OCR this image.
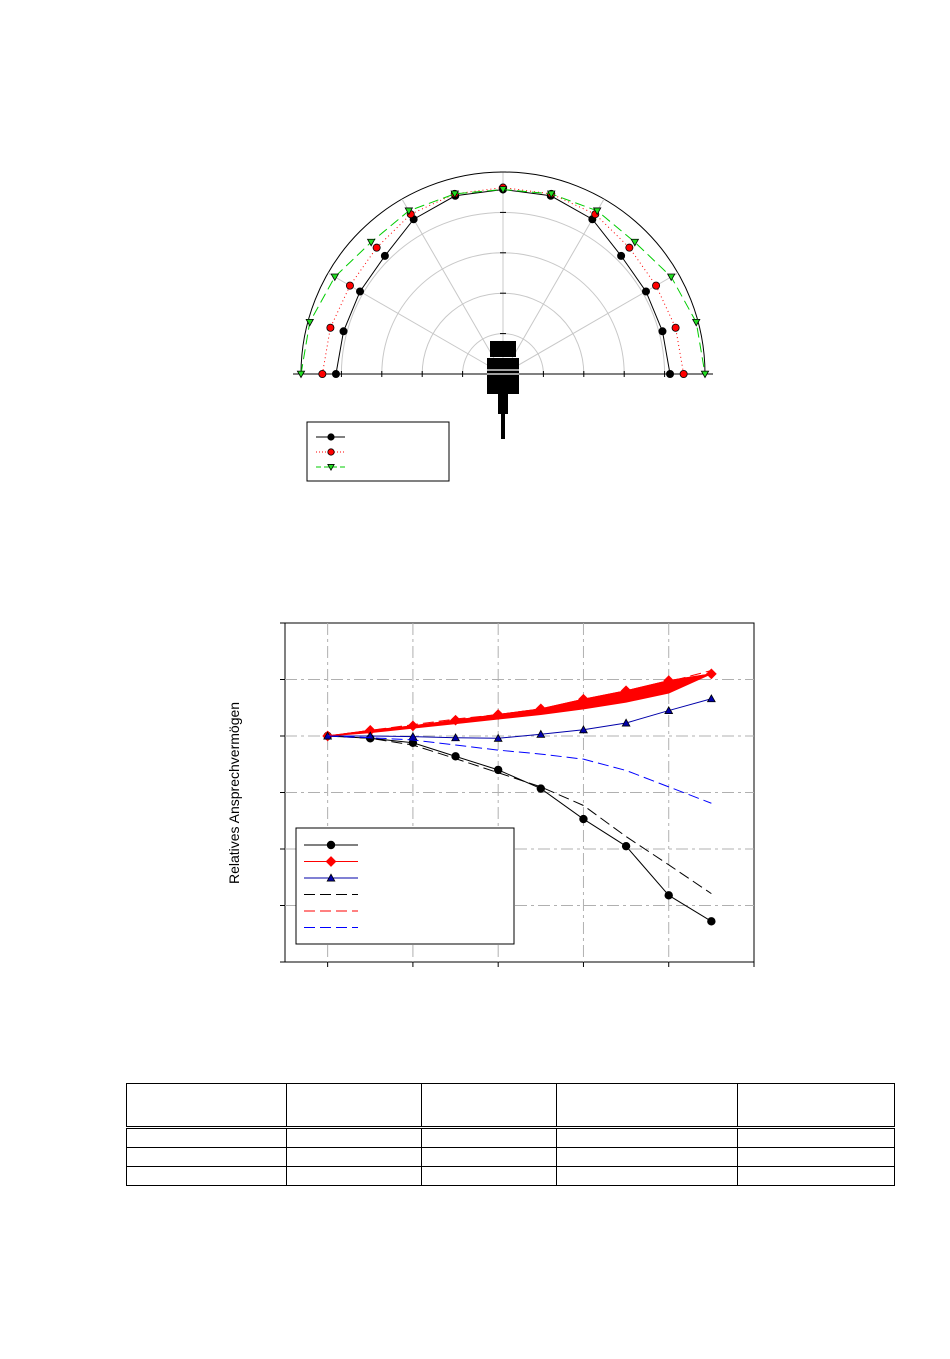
Relatives Ansprechvermögen
